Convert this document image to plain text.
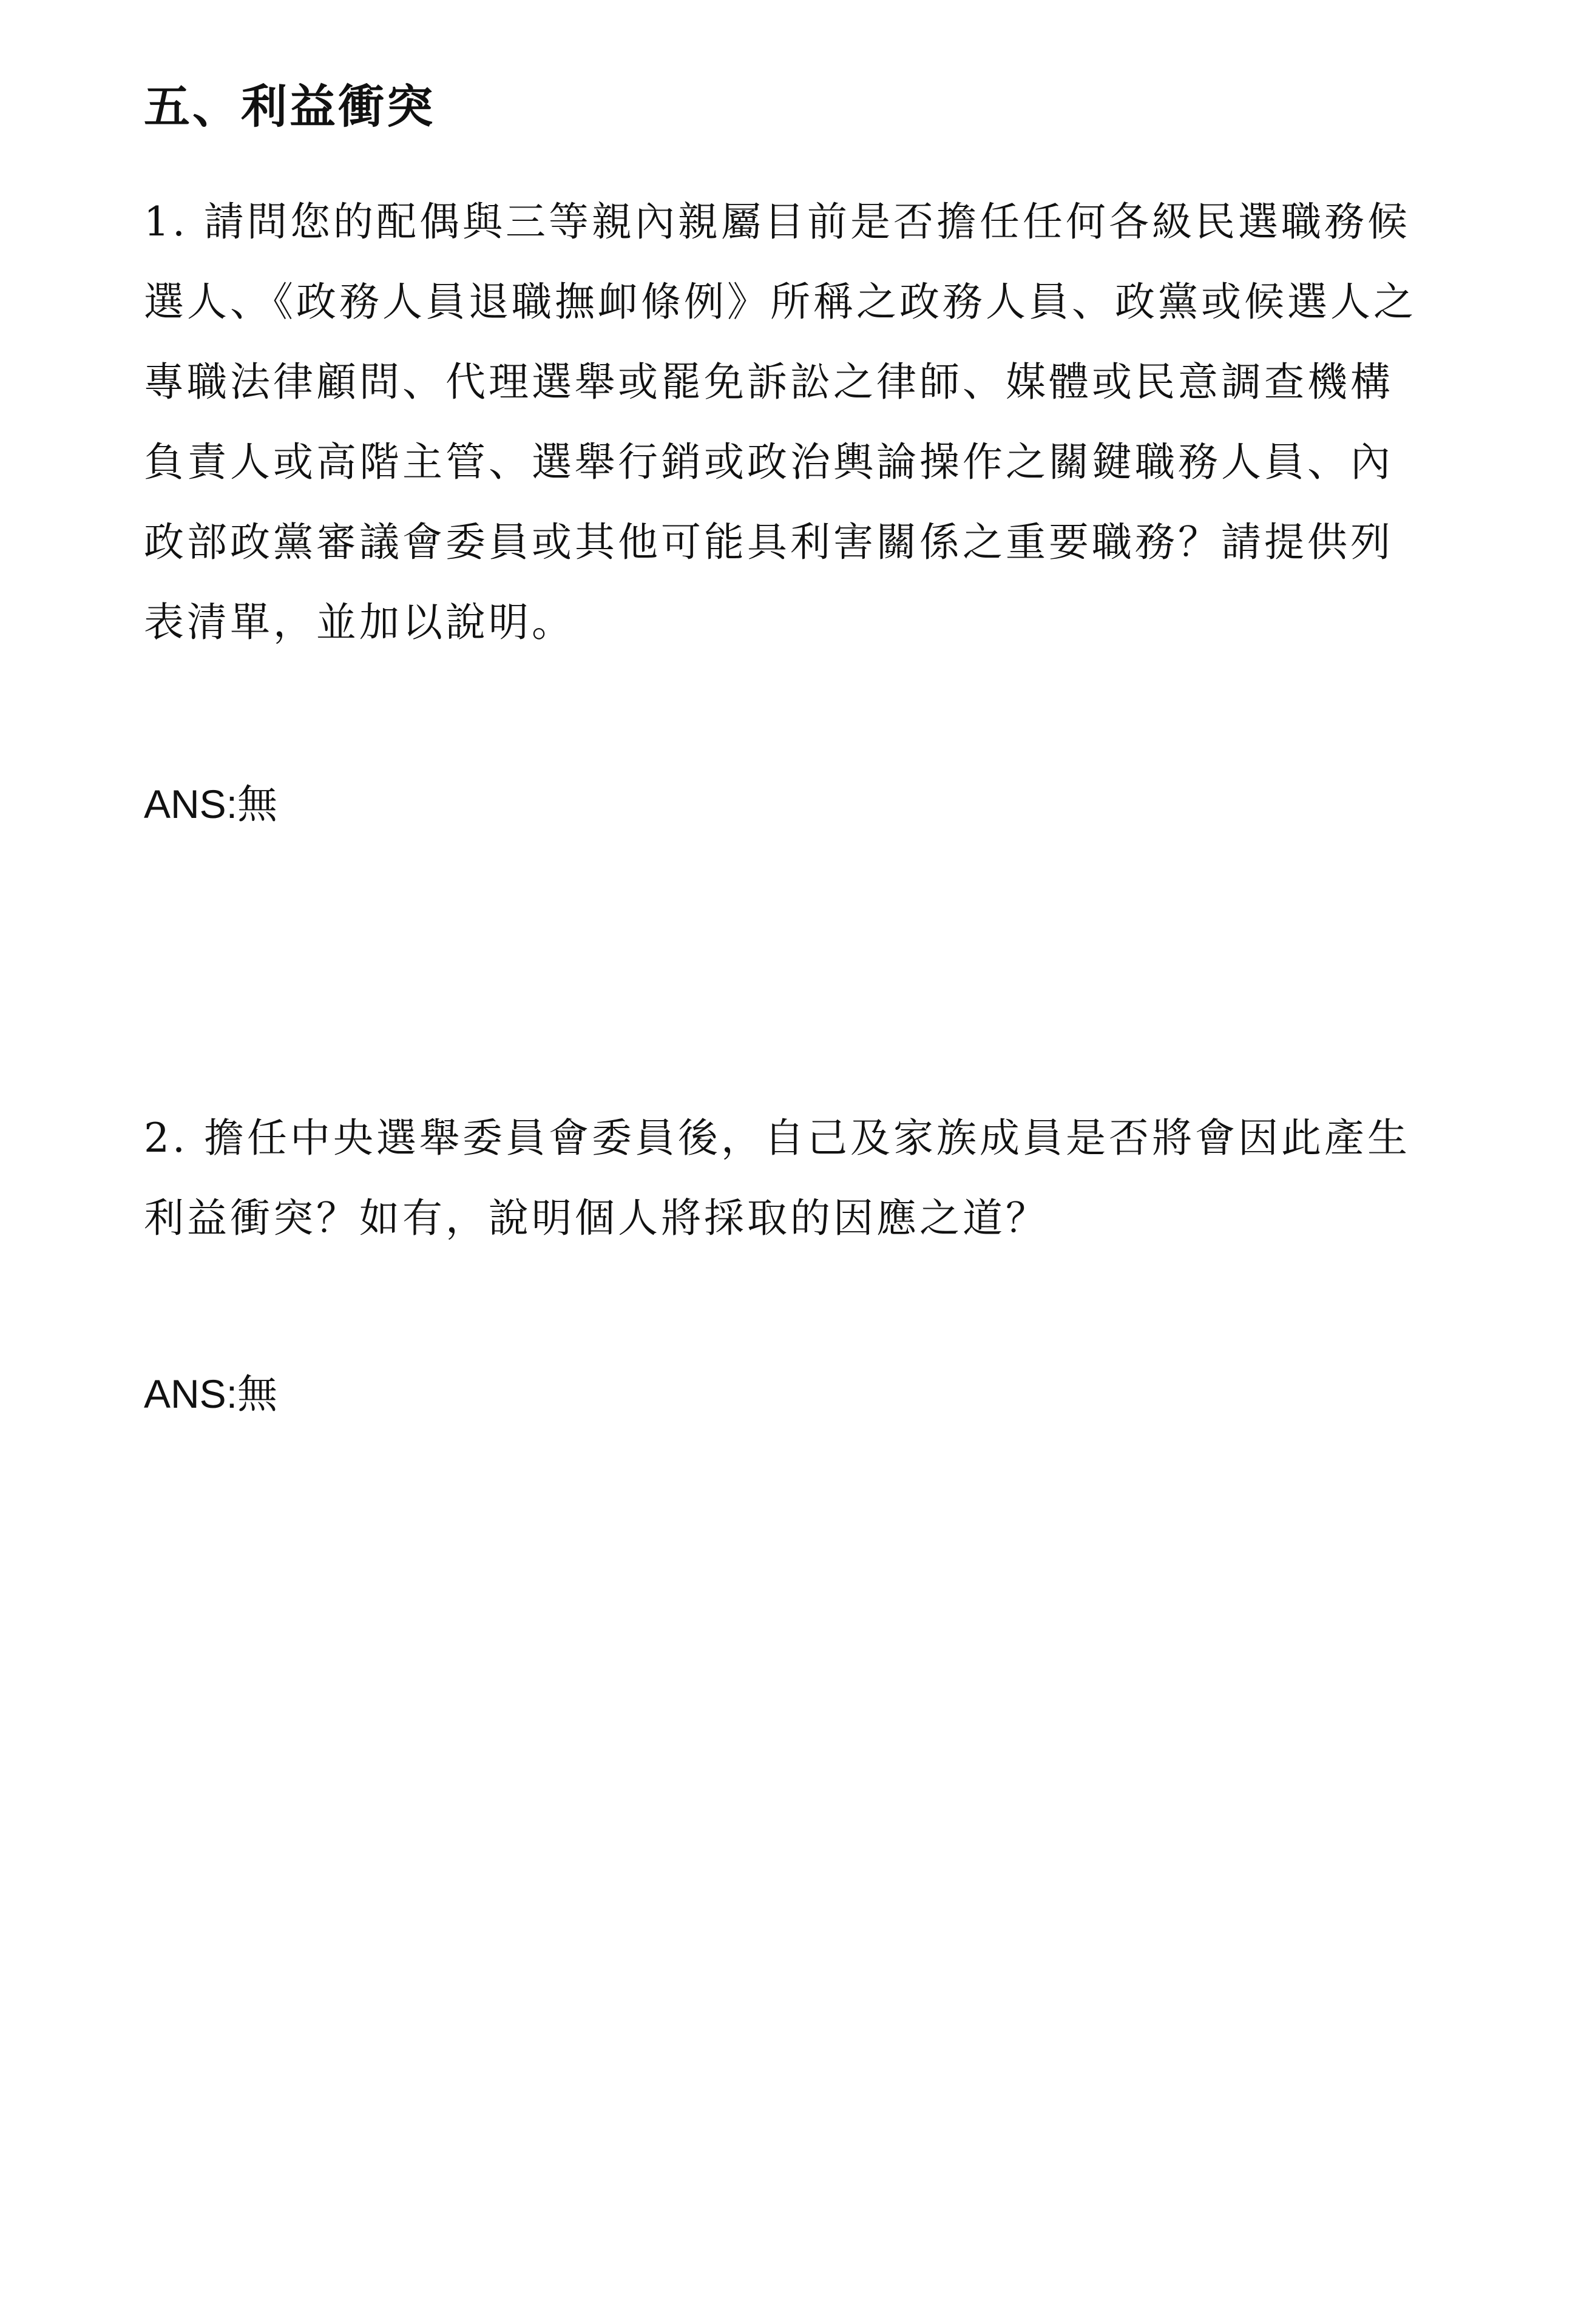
五、利益衝突
1. 請問您的配偶與三等親內親屬目前是否擔任任何各級民選職務候
選人、《政務人員退職撫卹條例》所稱之政務人員、政黨或候選人之
專職法律顧問、代理選舉或罷免訴訟之律師、媒體或民意調查機構
負責人或高階主管、選舉行銷或政治輿論操作之關鍵職務人員、內
政部政黨審議會委員或其他可能具利害關係之重要職務？請提供列
表清單，並加以說明。
ANS:無
2. 擔任中央選舉委員會委員後，自己及家族成員是否將會因此產生
利益衝突？如有，說明個人將採取的因應之道？
ANS:無
